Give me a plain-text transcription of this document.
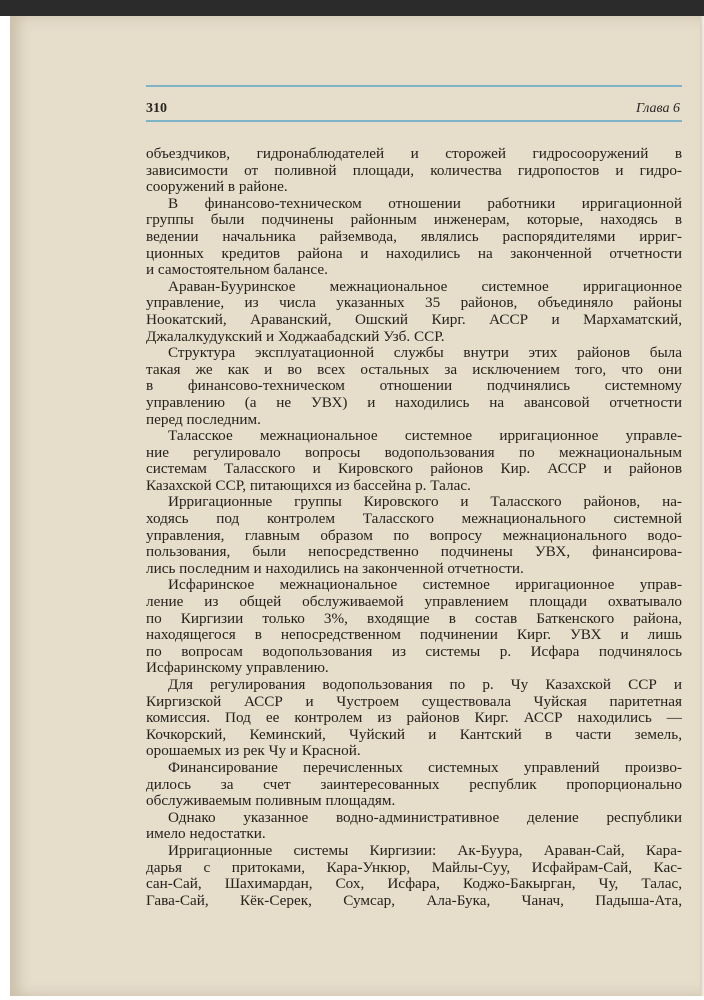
310	Глава 6
объездчиков, гидронаблюдателей и сторожей гидросооружений в
зависимости от поливной площади, количества гидропостов и гидро-
сооружений в районе.
В финансово-техническом отношении работники ирригационной
группы были подчинены районным инженерам, которые, находясь в
ведении начальника райземвода, являлись распорядителями ирриг-
ционных кредитов района и находились на законченной отчетности
и самостоятельном балансе.
Араван-Бууринское межнациональное системное ирригационное
управление, из числа указанных 35 районов, объединяло районы
Ноокатский, Араванский, Ошский Кирг. АССР и Мархаматский,
Джалалкудукский и Ходжаабадский Узб. ССР.
Структура эксплуатационной службы внутри этих районов была
такая же как и во всех остальных за исключением того, что они
в финансово-техническом отношении подчинялись системному
управлению (а не УВХ) и находились на авансовой отчетности
перед последним.
Таласское межнациональное системное ирригационное управле-
ние регулировало вопросы водопользования по межнациональным
системам Таласского и Кировского районов Кир. АССР и районов
Казахской ССР, питающихся из бассейна р. Талас.
Ирригационные группы Кировского и Таласского районов, на-
ходясь под контролем Таласского межнационального системной
управления, главным образом по вопросу межнационального водо-
пользования, были непосредственно подчинены УВХ, финансирова-
лись последним и находились на законченной отчетности.
Исфаринское межнациональное системное ирригационное управ-
ление из общей обслуживаемой управлением площади охватывало
по Киргизии только 3%, входящие в состав Баткенского района,
находящегося в непосредственном подчинении Кирг. УВХ и лишь
по вопросам водопользования из системы р. Исфара подчинялось
Исфаринскому управлению.
Для регулирования водопользования по р. Чу Казахской ССР и
Киргизской АССР и Чустроем существовала Чуйская паритетная
комиссия. Под ее контролем из районов Кирг. АССР находились —
Кочкорский, Кеминский, Чуйский и Кантский в части земель,
орошаемых из рек Чу и Красной.
Финансирование перечисленных системных управлений произво-
дилось за счет заинтересованных республик пропорционально
обслуживаемым поливным площадям.
Однако указанное водно-административное деление республики
имело недостатки.
Ирригационные системы Киргизии: Ак-Буура, Араван-Сай, Кара-
дарья с притоками, Кара-Ункюр, Майлы-Суу, Исфайрам-Сай, Кас-
сан-Сай, Шахимардан, Сох, Исфара, Коджо-Бакырган, Чу, Талас,
Гава-Сай, Кёк-Серек, Сумсар, Ала-Бука, Чанач, Падыша-Ата,
